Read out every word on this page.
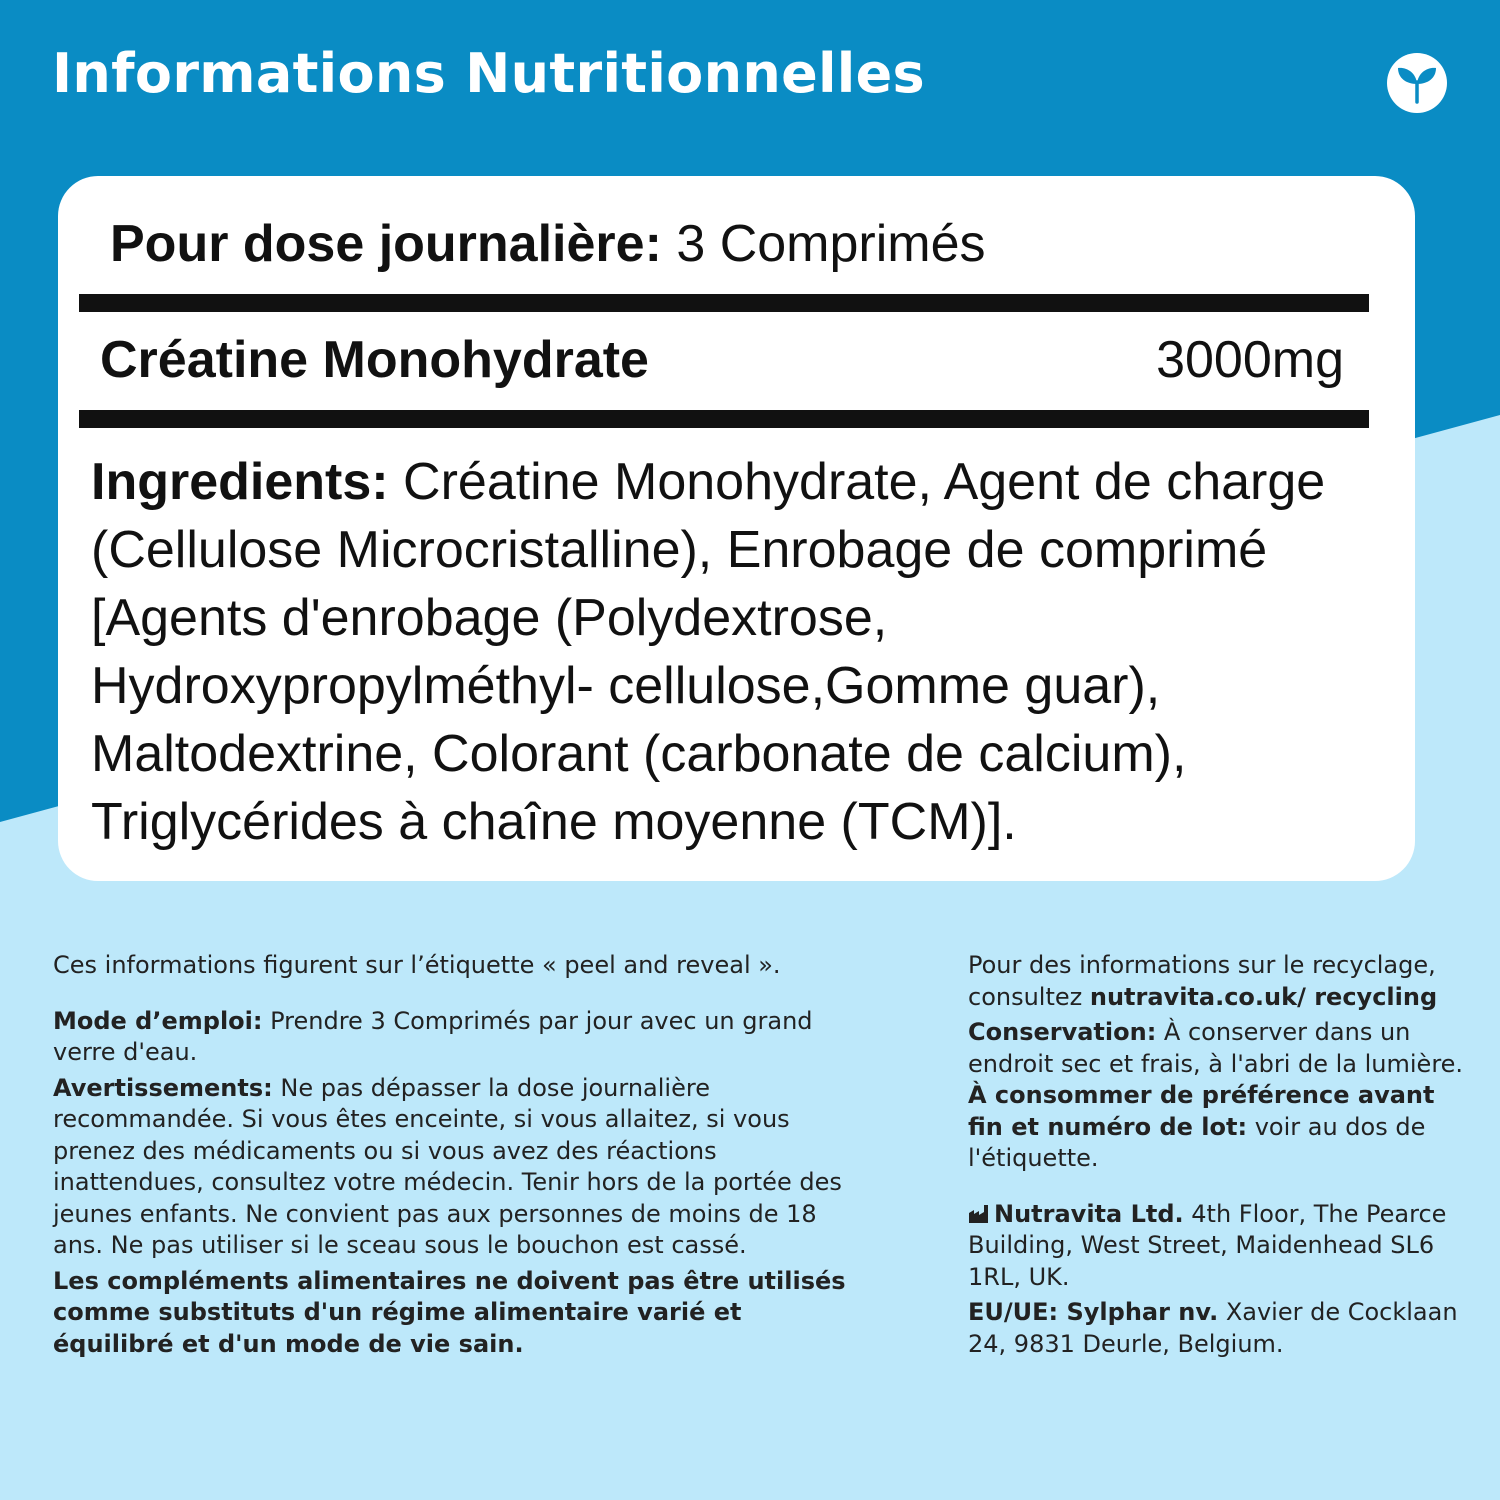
Informations Nutritionnelles

Pour dose journalière: 3 Comprimés

Créatine Monohydrate	3000mg

Ingredients: Créatine Monohydrate, Agent de charge (Cellulose Microcristalline), Enrobage de comprimé [Agents d'enrobage (Polydextrose, Hydroxypropylméthyl- cellulose,Gomme guar), Maltodextrine, Colorant (carbonate de calcium), Triglycérides à chaîne moyenne (TCM)].

Ces informations figurent sur l’étiquette « peel and reveal ».

Mode d’emploi: Prendre 3 Comprimés par jour avec un grand verre d'eau.

Avertissements: Ne pas dépasser la dose journalière recommandée. Si vous êtes enceinte, si vous allaitez, si vous prenez des médicaments ou si vous avez des réactions inattendues, consultez votre médecin. Tenir hors de la portée des jeunes enfants. Ne convient pas aux personnes de moins de 18 ans. Ne pas utiliser si le sceau sous le bouchon est cassé.

Les compléments alimentaires ne doivent pas être utilisés comme substituts d'un régime alimentaire varié et équilibré et d'un mode de vie sain.

Pour des informations sur le recyclage, consultez nutravita.co.uk/ recycling

Conservation: À conserver dans un endroit sec et frais, à l'abri de la lumière. À consommer de préférence avant fin et numéro de lot: voir au dos de l'étiquette.

Nutravita Ltd. 4th Floor, The Pearce Building, West Street, Maidenhead SL6 1RL, UK.

EU/UE: Sylphar nv. Xavier de Cocklaan 24, 9831 Deurle, Belgium.
